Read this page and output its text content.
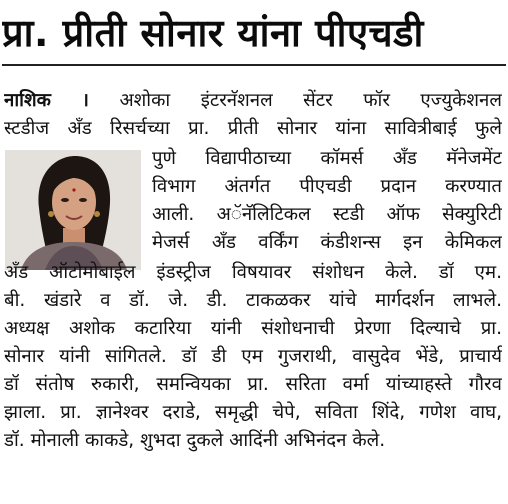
प्रा. प्रीती सोनार यांना पीएचडी
नाशिक । अशोका इंटरनॅशनल सेंटर फॉर एज्युकेशनल
स्टडीज अँड रिसर्चच्या प्रा. प्रीती सोनार यांना सावित्रीबाई फुले
पुणे विद्यापीठाच्या कॉमर्स अँड मॅनेजमेंट
विभाग अंतर्गत पीएचडी प्रदान करण्यात
आली. अॅनॅलिटिकल स्टडी ऑफ सेक्युरिटी
मेजर्स अँड वर्किंग कंडीशन्स इन केमिकल
अँड ऑटोमोबाईल इंडस्ट्रीज विषयावर संशोधन केले. डॉ एम.
बी. खंडारे व डॉ. जे. डी. टाकळकर यांचे मार्गदर्शन लाभले.
अध्यक्ष अशोक कटारिया यांनी संशोधनाची प्रेरणा दिल्याचे प्रा.
सोनार यांनी सांगितले. डॉ डी एम गुजराथी, वासुदेव भेंडे, प्राचार्य
डॉ संतोष रुकारी, समन्वियका प्रा. सरिता वर्मा यांच्याहस्ते गौरव
झाला. प्रा. ज्ञानेश्वर दराडे, समृद्धी चेपे, सविता शिंदे, गणेश वाघ,
डॉ. मोनाली काकडे, शुभदा दुकले आदिंनी अभिनंदन केले.
